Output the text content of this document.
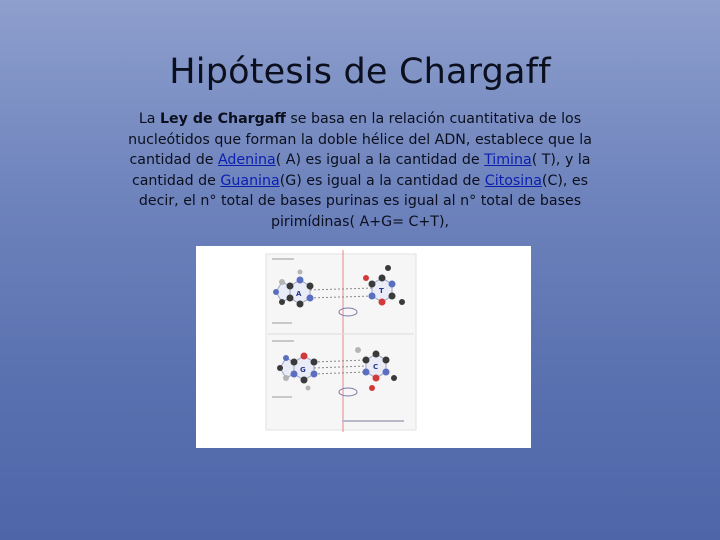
Hipótesis de Chargaff
La Ley de Chargaff se basa en la relación cuantitativa de los nucleótidos que forman la doble hélice del ADN, establece que la cantidad de Adenina( A) es igual a la cantidad de Timina( T), y la cantidad de Guanina(G) es igual a la cantidad de Citosina(C), es decir, el n° total de bases purinas es igual al n° total de bases pirimídinas( A+G= C+T),
A	T
G	C
